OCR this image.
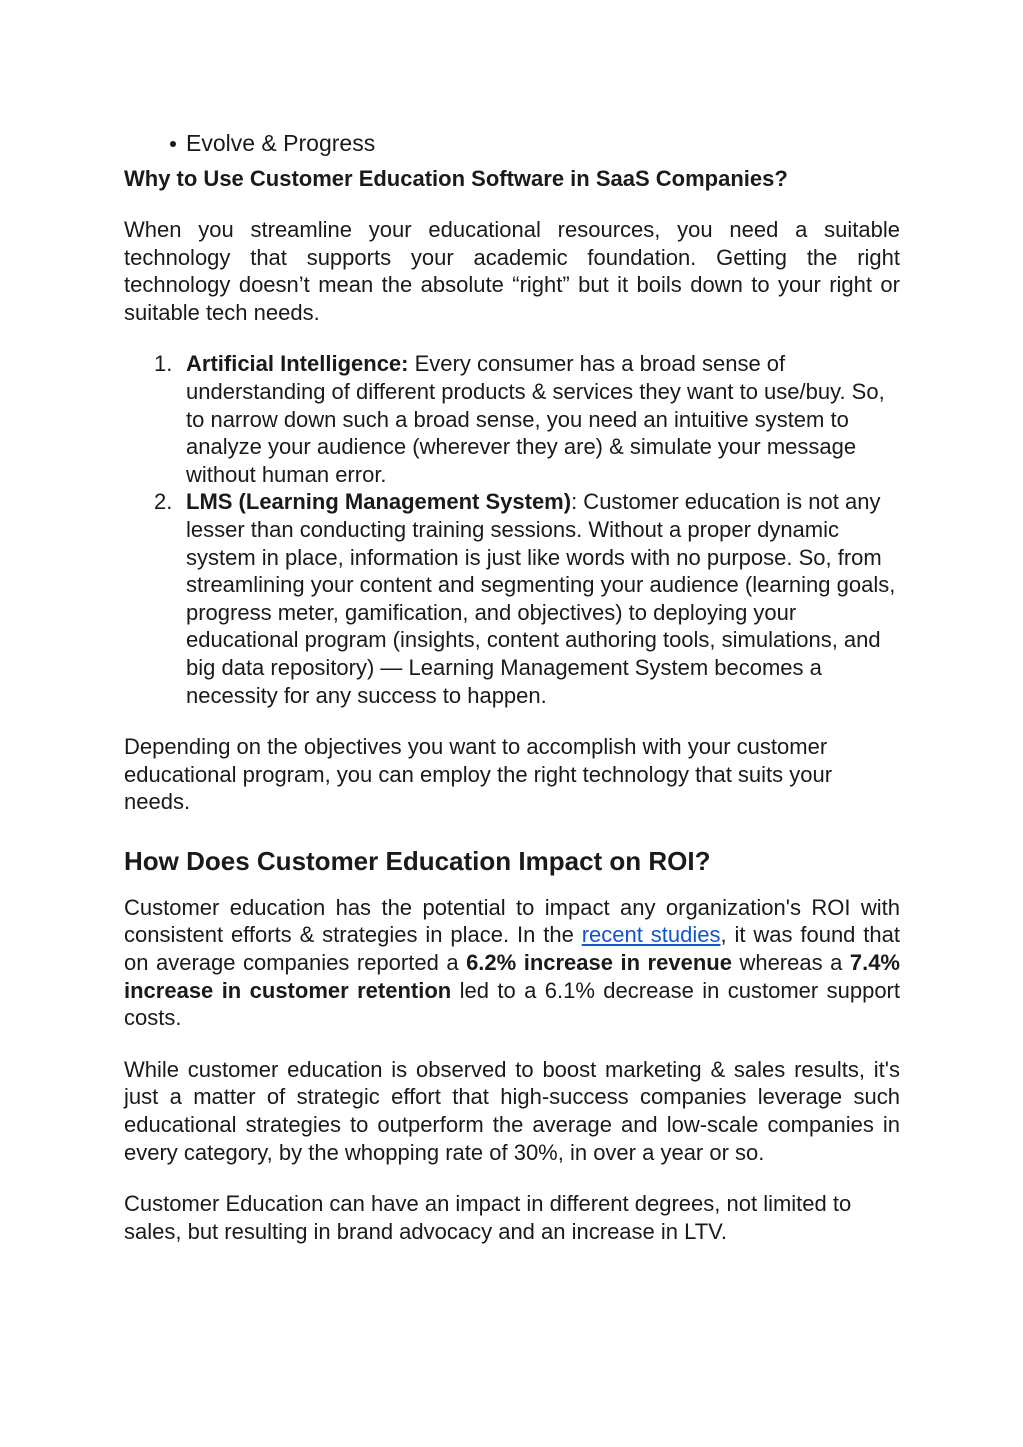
Evolve & Progress
Why to Use Customer Education Software in SaaS Companies?

When you streamline your educational resources, you need a suitable technology that supports your academic foundation. Getting the right technology doesn’t mean the absolute “right” but it boils down to your right or suitable tech needs.

1. Artificial Intelligence: Every consumer has a broad sense of understanding of different products & services they want to use/buy. So, to narrow down such a broad sense, you need an intuitive system to analyze your audience (wherever they are) & simulate your message without human error.
2. LMS (Learning Management System): Customer education is not any lesser than conducting training sessions. Without a proper dynamic system in place, information is just like words with no purpose. So, from streamlining your content and segmenting your audience (learning goals, progress meter, gamification, and objectives) to deploying your educational program (insights, content authoring tools, simulations, and big data repository) — Learning Management System becomes a necessity for any success to happen.

Depending on the objectives you want to accomplish with your customer educational program, you can employ the right technology that suits your needs.

How Does Customer Education Impact on ROI?

Customer education has the potential to impact any organization's ROI with consistent efforts & strategies in place. In the recent studies, it was found that on average companies reported a 6.2% increase in revenue whereas a 7.4% increase in customer retention led to a 6.1% decrease in customer support costs.

While customer education is observed to boost marketing & sales results, it's just a matter of strategic effort that high-success companies leverage such educational strategies to outperform the average and low-scale companies in every category, by the whopping rate of 30%, in over a year or so.

Customer Education can have an impact in different degrees, not limited to sales, but resulting in brand advocacy and an increase in LTV.
